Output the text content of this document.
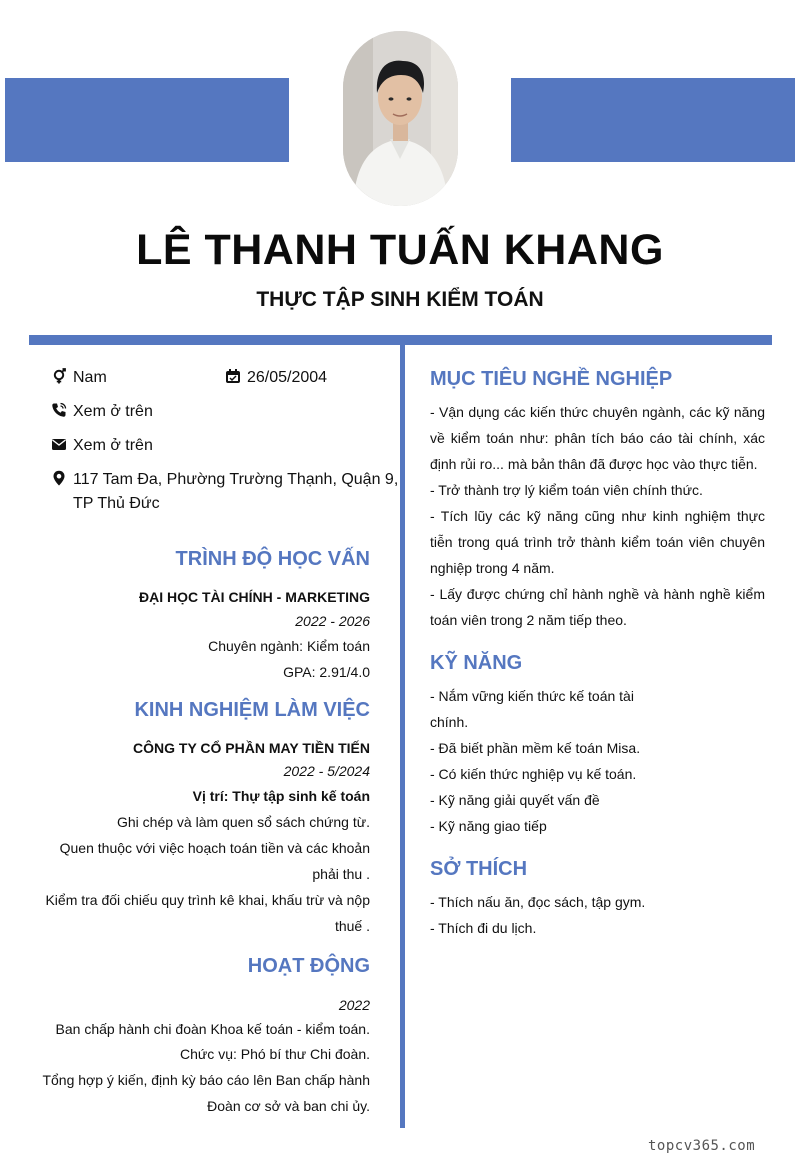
LÊ THANH TUẤN KHANG
THỰC TẬP SINH KIỂM TOÁN
Nam	26/05/2004
Xem ở trên
Xem ở trên
117 Tam Đa, Phường Trường Thạnh, Quận 9,
TP Thủ Đức
TRÌNH ĐỘ HỌC VẤN

ĐẠI HỌC TÀI CHÍNH - MARKETING

2022 - 2026

Chuyên ngành: Kiểm toán

GPA: 2.91/4.0

KINH NGHIỆM LÀM VIỆC

CÔNG TY CỔ PHẦN MAY TIỀN TIẾN

2022 - 5/2024

Vị trí: Thự tập sinh kế toán

Ghi chép và làm quen sổ sách chứng từ.

Quen thuộc với việc hoạch toán tiền và các khoản

phải thu .

Kiểm tra đối chiếu quy trình kê khai, khấu trừ và nộp

thuế .

HOẠT ĐỘNG

2022

Ban chấp hành chi đoàn Khoa kế toán - kiểm toán.

Chức vụ: Phó bí thư Chi đoàn.

Tổng hợp ý kiến, định kỳ báo cáo lên Ban chấp hành

Đoàn cơ sở và ban chi ủy.

MỤC TIÊU NGHỀ NGHIỆP

- Vận dụng các kiến thức chuyên ngành, các kỹ năng về kiểm toán như: phân tích báo cáo tài chính, xác định rủi ro... mà bản thân đã được học vào thực tiễn.

- Trở thành trợ lý kiểm toán viên chính thức.

- Tích lũy các kỹ năng cũng như kinh nghiệm thực tiễn trong quá trình trở thành kiểm toán viên chuyên nghiệp trong 4 năm.

- Lấy được chứng chỉ hành nghề và hành nghề kiểm toán viên trong 2 năm tiếp theo.

KỸ NĂNG

- Nắm vững kiến thức kế toán tài

chính.

- Đã biết phần mềm kế toán Misa.

- Có kiến thức nghiệp vụ kế toán.

- Kỹ năng giải quyết vấn đề

- Kỹ năng giao tiếp

SỞ THÍCH

- Thích nấu ăn, đọc sách, tập gym.

- Thích đi du lịch.

topcv365.com
